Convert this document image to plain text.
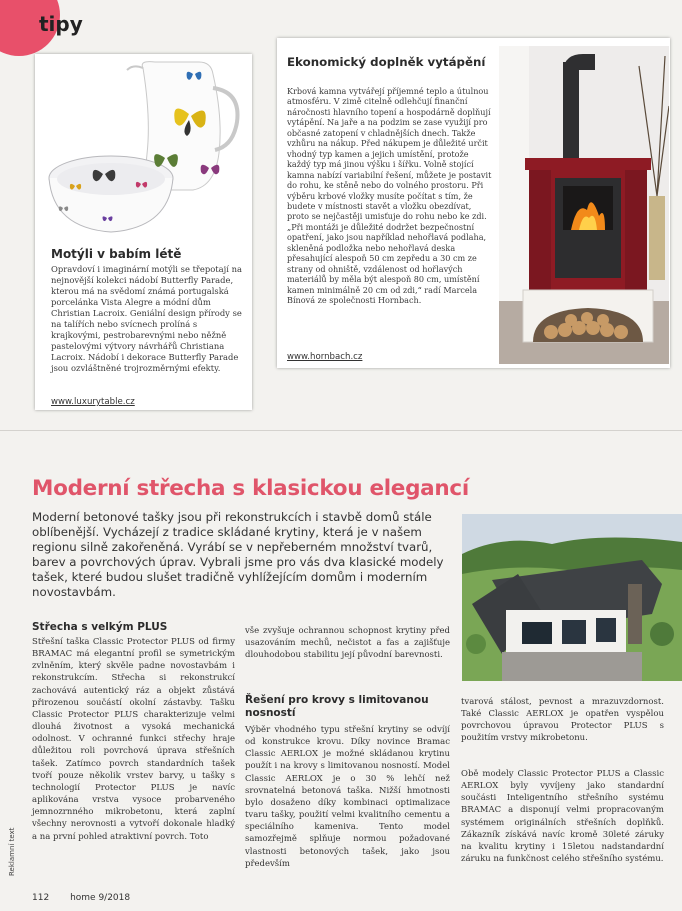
tipy
Motýli v babím létě
Opravdoví i imaginární motýli se třepotají na nejnovější kolekci nádobí Butterfly Parade, kterou má na svědomí známá portugalská porcelánka Vista Alegre a módní dům Christian Lacroix. Geniální design přírody se na talířích nebo svícnech prolíná s krajkovými, pestrobarevnými nebo něžně pastelovými výtvory návrhářů Christiana Lacroix. Nádobí i dekorace Butterfly Parade jsou ozvláštněné trojrozměrnými efekty.
www.luxurytable.cz
Ekonomický doplněk vytápění
Krbová kamna vytvářejí příjemné teplo a útulnou atmosféru. V zimě citelně odlehčují finanční náročnosti hlavního topení a hospodárně doplňují vytápění. Na jaře a na podzim se zase využijí pro občasné zatopení v chladnějších dnech. Takže vzhůru na nákup. Před nákupem je důležité určit vhodný typ kamen a jejich umístění, protože každý typ má jinou výšku i šířku. Volně stojící kamna nabízí variabilní řešení, můžete je postavit do rohu, ke stěně nebo do volného prostoru. Při výběru krbové vložky musíte počítat s tím, že budete v místnosti stavět a vložku obezdívat, proto se nejčastěji umisťuje do rohu nebo ke zdi. „Při montáži je důležité dodržet bezpečnostní opatření, jako jsou například nehořlavá podlaha, skleněná podložka nebo nehořlavá deska přesahující alespoň 50 cm zepředu a 30 cm ze strany od ohniště, vzdálenost od hořlavých materiálů by měla být alespoň 80 cm, umístění kamen minimálně 20 cm od zdi,“ radí Marcela Bínová ze společnosti Hornbach.
www.hornbach.cz
Moderní střecha s klasickou elegancí
Moderní betonové tašky jsou při rekonstrukcích i stavbě domů stále oblíbenější. Vycházejí z tradice skládané krytiny, která je v našem regionu silně zakořeněná. Vyrábí se v nepřeberném množství tvarů, barev a povrchových úprav. Vybrali jsme pro vás dva klasické modely tašek, které budou slušet tradičně vyhlížejícím domům i moderním novostavbám.
Střecha s velkým PLUS
Střešní taška Classic Protector PLUS od firmy BRAMAC má elegantní profil se symetrickým zvlněním, který skvěle padne novostavbám i rekonstrukcím. Střecha si rekonstrukcí zachovává autentický ráz a objekt zůstává přirozenou součástí okolní zástavby. Tašku Classic Protector PLUS charakterizuje velmi dlouhá životnost a vysoká mechanická odolnost. V ochranné funkci střechy hraje důležitou roli povrchová úprava střešních tašek. Zatímco povrch standardních tašek tvoří pouze několik vrstev barvy, u tašky s technologií Protector PLUS je navíc aplikována vrstva vysoce probarveného jemnozrnného mikrobetonu, která zaplní všechny nerovnosti a vytvoří dokonale hladký a na první pohled atraktivní povrch. Toto
vše zvyšuje ochrannou schopnost krytiny před usazováním mechů, nečistot a fas a zajišťuje dlouhodobou stabilitu její původní barevnosti.
Řešení pro krovy s limitovanou nosností
Výběr vhodného typu střešní krytiny se odvíjí od konstrukce krovu. Díky novince Bramac Classic AERLOX je možné skládanou krytinu použít i na krovy s limitovanou nosností. Model Classic AERLOX je o 30 % lehčí než srovnatelná betonová taška. Nižší hmotnosti bylo dosaženo díky kombinaci optimalizace tvaru tašky, použití velmi kvalitního cementu a speciálního kameniva. Tento model samozřejmě splňuje normou požadované vlastnosti betonových tašek, jako jsou především
tvarová stálost, pevnost a mrazuvzdornost. Také Classic AERLOX je opatřen vyspělou povrchovou úpravou Protector PLUS s použitím vrstvy mikrobetonu.
Obě modely Classic Protector PLUS a Classic AERLOX byly vyvíjeny jako standardní součásti Inteligentního střešního systému BRAMAC a disponují velmi propracovaným systémem originálních střešních doplňků. Zákazník získává navíc kromě 30leté záruky na kvalitu krytiny i 15letou nadstandardní záruku na funkčnost celého střešního systému.
Reklamní text
112 home 9/2018
